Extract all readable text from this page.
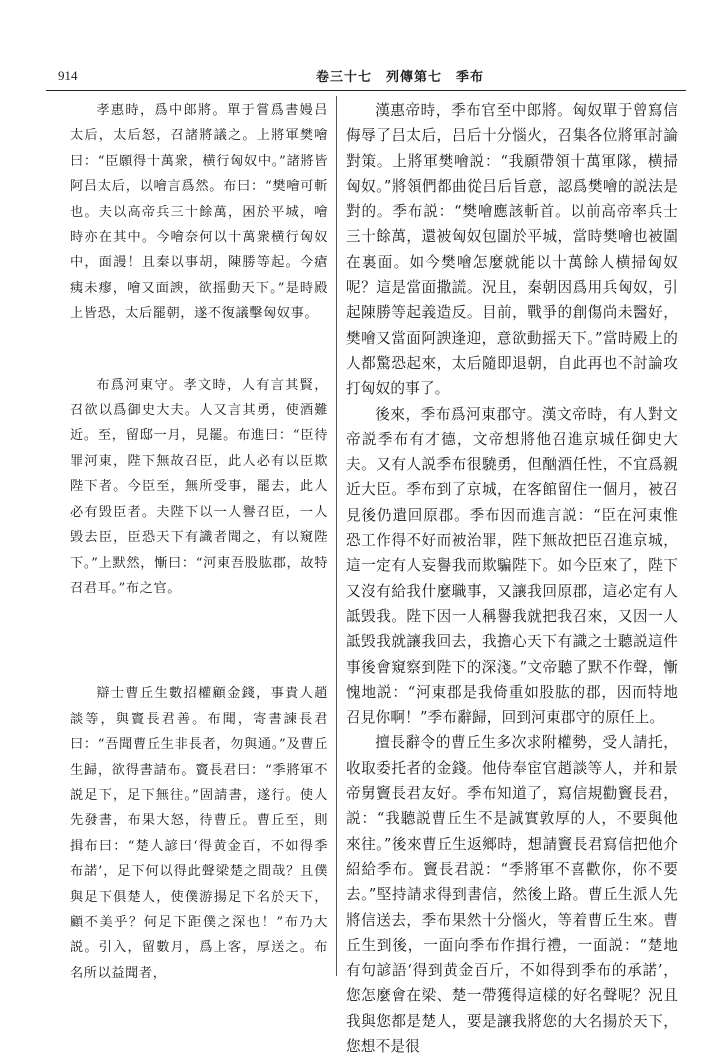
914	卷三十七　列傳第七　季布

孝惠時，爲中郎將。單于嘗爲書嫚吕太后，太后怒，召諸將議之。上將軍樊噲曰：“臣願得十萬衆，横行匈奴中。”諸將皆阿吕太后，以噲言爲然。布曰：“樊噲可斬也。夫以高帝兵三十餘萬，困於平城，噲時亦在其中。今噲奈何以十萬衆横行匈奴中，面謾！且秦以事胡，陳勝等起。今瘡痍未瘳，噲又面諛，欲摇動天下。”是時殿上皆恐，太后罷朝，遂不復議擊匈奴事。

布爲河東守。孝文時，人有言其賢，召欲以爲御史大夫。人又言其勇，使酒難近。至，留邸一月，見罷。布進曰：“臣待罪河東，陛下無故召臣，此人必有以臣欺陛下者。今臣至，無所受事，罷去，此人必有毁臣者。夫陛下以一人譽召臣，一人毁去臣，臣恐天下有識者聞之，有以窺陛下。”上默然，慚曰：“河東吾股肱郡，故特召君耳。”布之官。

辯士曹丘生數招權顧金錢，事貴人趙談等，與竇長君善。布聞，寄書諫長君曰：“吾聞曹丘生非長者，勿與通。”及曹丘生歸，欲得書請布。竇長君曰：“季將軍不説足下，足下無往。”固請書，遂行。使人先發書，布果大怒，待曹丘。曹丘至，則揖布曰：“楚人諺曰‘得黄金百，不如得季布諾’，足下何以得此聲梁楚之間哉？且僕與足下俱楚人，使僕游揚足下名於天下，顧不美乎？何足下距僕之深也！”布乃大説。引入，留數月，爲上客，厚送之。布名所以益聞者，

漢惠帝時，季布官至中郎將。匈奴單于曾寫信侮辱了吕太后，吕后十分惱火，召集各位將軍討論對策。上將軍樊噲説：“我願帶領十萬軍隊，横掃匈奴。”將領們都曲從吕后旨意，認爲樊噲的説法是對的。季布説：“樊噲應該斬首。以前高帝率兵士三十餘萬，還被匈奴包圍於平城，當時樊噲也被圍在裏面。如今樊噲怎麼就能以十萬餘人横掃匈奴呢？這是當面撒謊。況且，秦朝因爲用兵匈奴，引起陳勝等起義造反。目前，戰爭的創傷尚未醫好，樊噲又當面阿諛逢迎，意欲動摇天下。”當時殿上的人都驚恐起來，太后隨即退朝，自此再也不討論攻打匈奴的事了。

後來，季布爲河東郡守。漢文帝時，有人對文帝説季布有才德，文帝想將他召進京城任御史大夫。又有人説季布很驍勇，但酗酒任性，不宜爲親近大臣。季布到了京城，在客館留住一個月，被召見後仍遣回原郡。季布因而進言説：“臣在河東惟恐工作得不好而被治罪，陛下無故把臣召進京城，這一定有人妄譽我而欺騙陛下。如今臣來了，陛下又沒有給我什麼職事，又讓我回原郡，這必定有人詆毁我。陛下因一人稱譽我就把我召來，又因一人詆毁我就讓我回去，我擔心天下有識之士聽説這件事後會窺察到陛下的深淺。”文帝聽了默不作聲，慚愧地説：“河東郡是我倚重如股肱的郡，因而特地召見你啊！”季布辭歸，回到河東郡守的原任上。

擅長辭令的曹丘生多次求附權勢，受人請托，收取委托者的金錢。他侍奉宦官趙談等人，并和景帝舅竇長君友好。季布知道了，寫信規勸竇長君，説：“我聽説曹丘生不是誠實敦厚的人，不要與他來往。”後來曹丘生返鄉時，想請竇長君寫信把他介紹給季布。竇長君説：“季將軍不喜歡你，你不要去。”堅持請求得到書信，然後上路。曹丘生派人先將信送去，季布果然十分惱火，等着曹丘生來。曹丘生到後，一面向季布作揖行禮，一面説：“楚地有句諺語‘得到黄金百斤，不如得到季布的承諾’，您怎麼會在梁、楚一帶獲得這樣的好名聲呢？況且我與您都是楚人，要是讓我將您的大名揚於天下，您想不是很
